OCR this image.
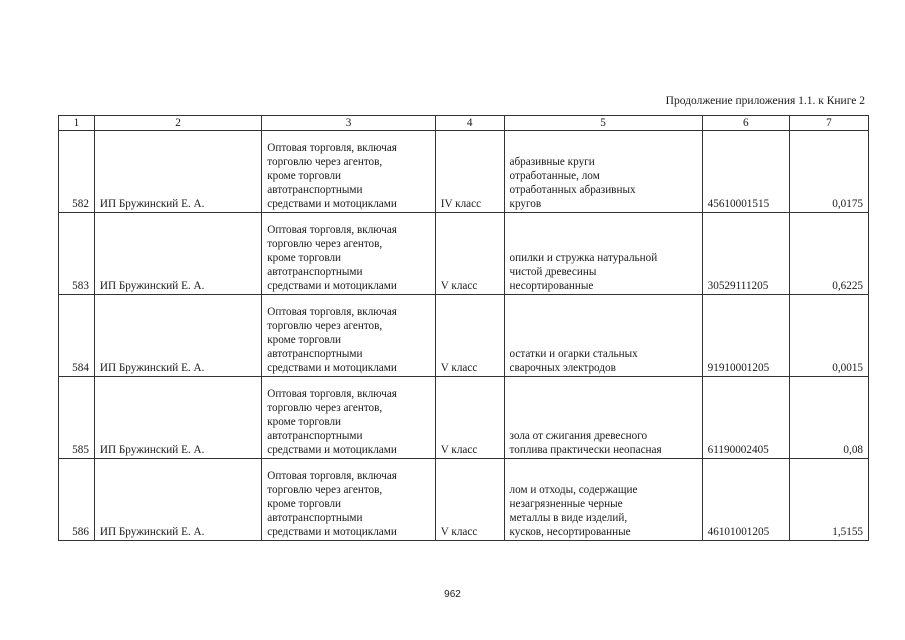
Продолжение приложения 1.1. к Книге 2
1	2	3	4	5	6	7
582	ИП Бружинский Е. А.	Оптовая торговля, включая
торговлю через агентов,
кроме торговли
автотранспортными
средствами и мотоциклами	IV класс	абразивные круги
отработанные, лом
отработанных абразивных
кругов	45610001515	0,0175
583	ИП Бружинский Е. А.	Оптовая торговля, включая
торговлю через агентов,
кроме торговли
автотранспортными
средствами и мотоциклами	V класс	опилки и стружка натуральной
чистой древесины
несортированные	30529111205	0,6225
584	ИП Бружинский Е. А.	Оптовая торговля, включая
торговлю через агентов,
кроме торговли
автотранспортными
средствами и мотоциклами	V класс	остатки и огарки стальных
сварочных электродов	91910001205	0,0015
585	ИП Бружинский Е. А.	Оптовая торговля, включая
торговлю через агентов,
кроме торговли
автотранспортными
средствами и мотоциклами	V класс	зола от сжигания древесного
топлива практически неопасная	61190002405	0,08
586	ИП Бружинский Е. А.	Оптовая торговля, включая
торговлю через агентов,
кроме торговли
автотранспортными
средствами и мотоциклами	V класс	лом и отходы, содержащие
незагрязненные черные
металлы в виде изделий,
кусков, несортированные	46101001205	1,5155
962
